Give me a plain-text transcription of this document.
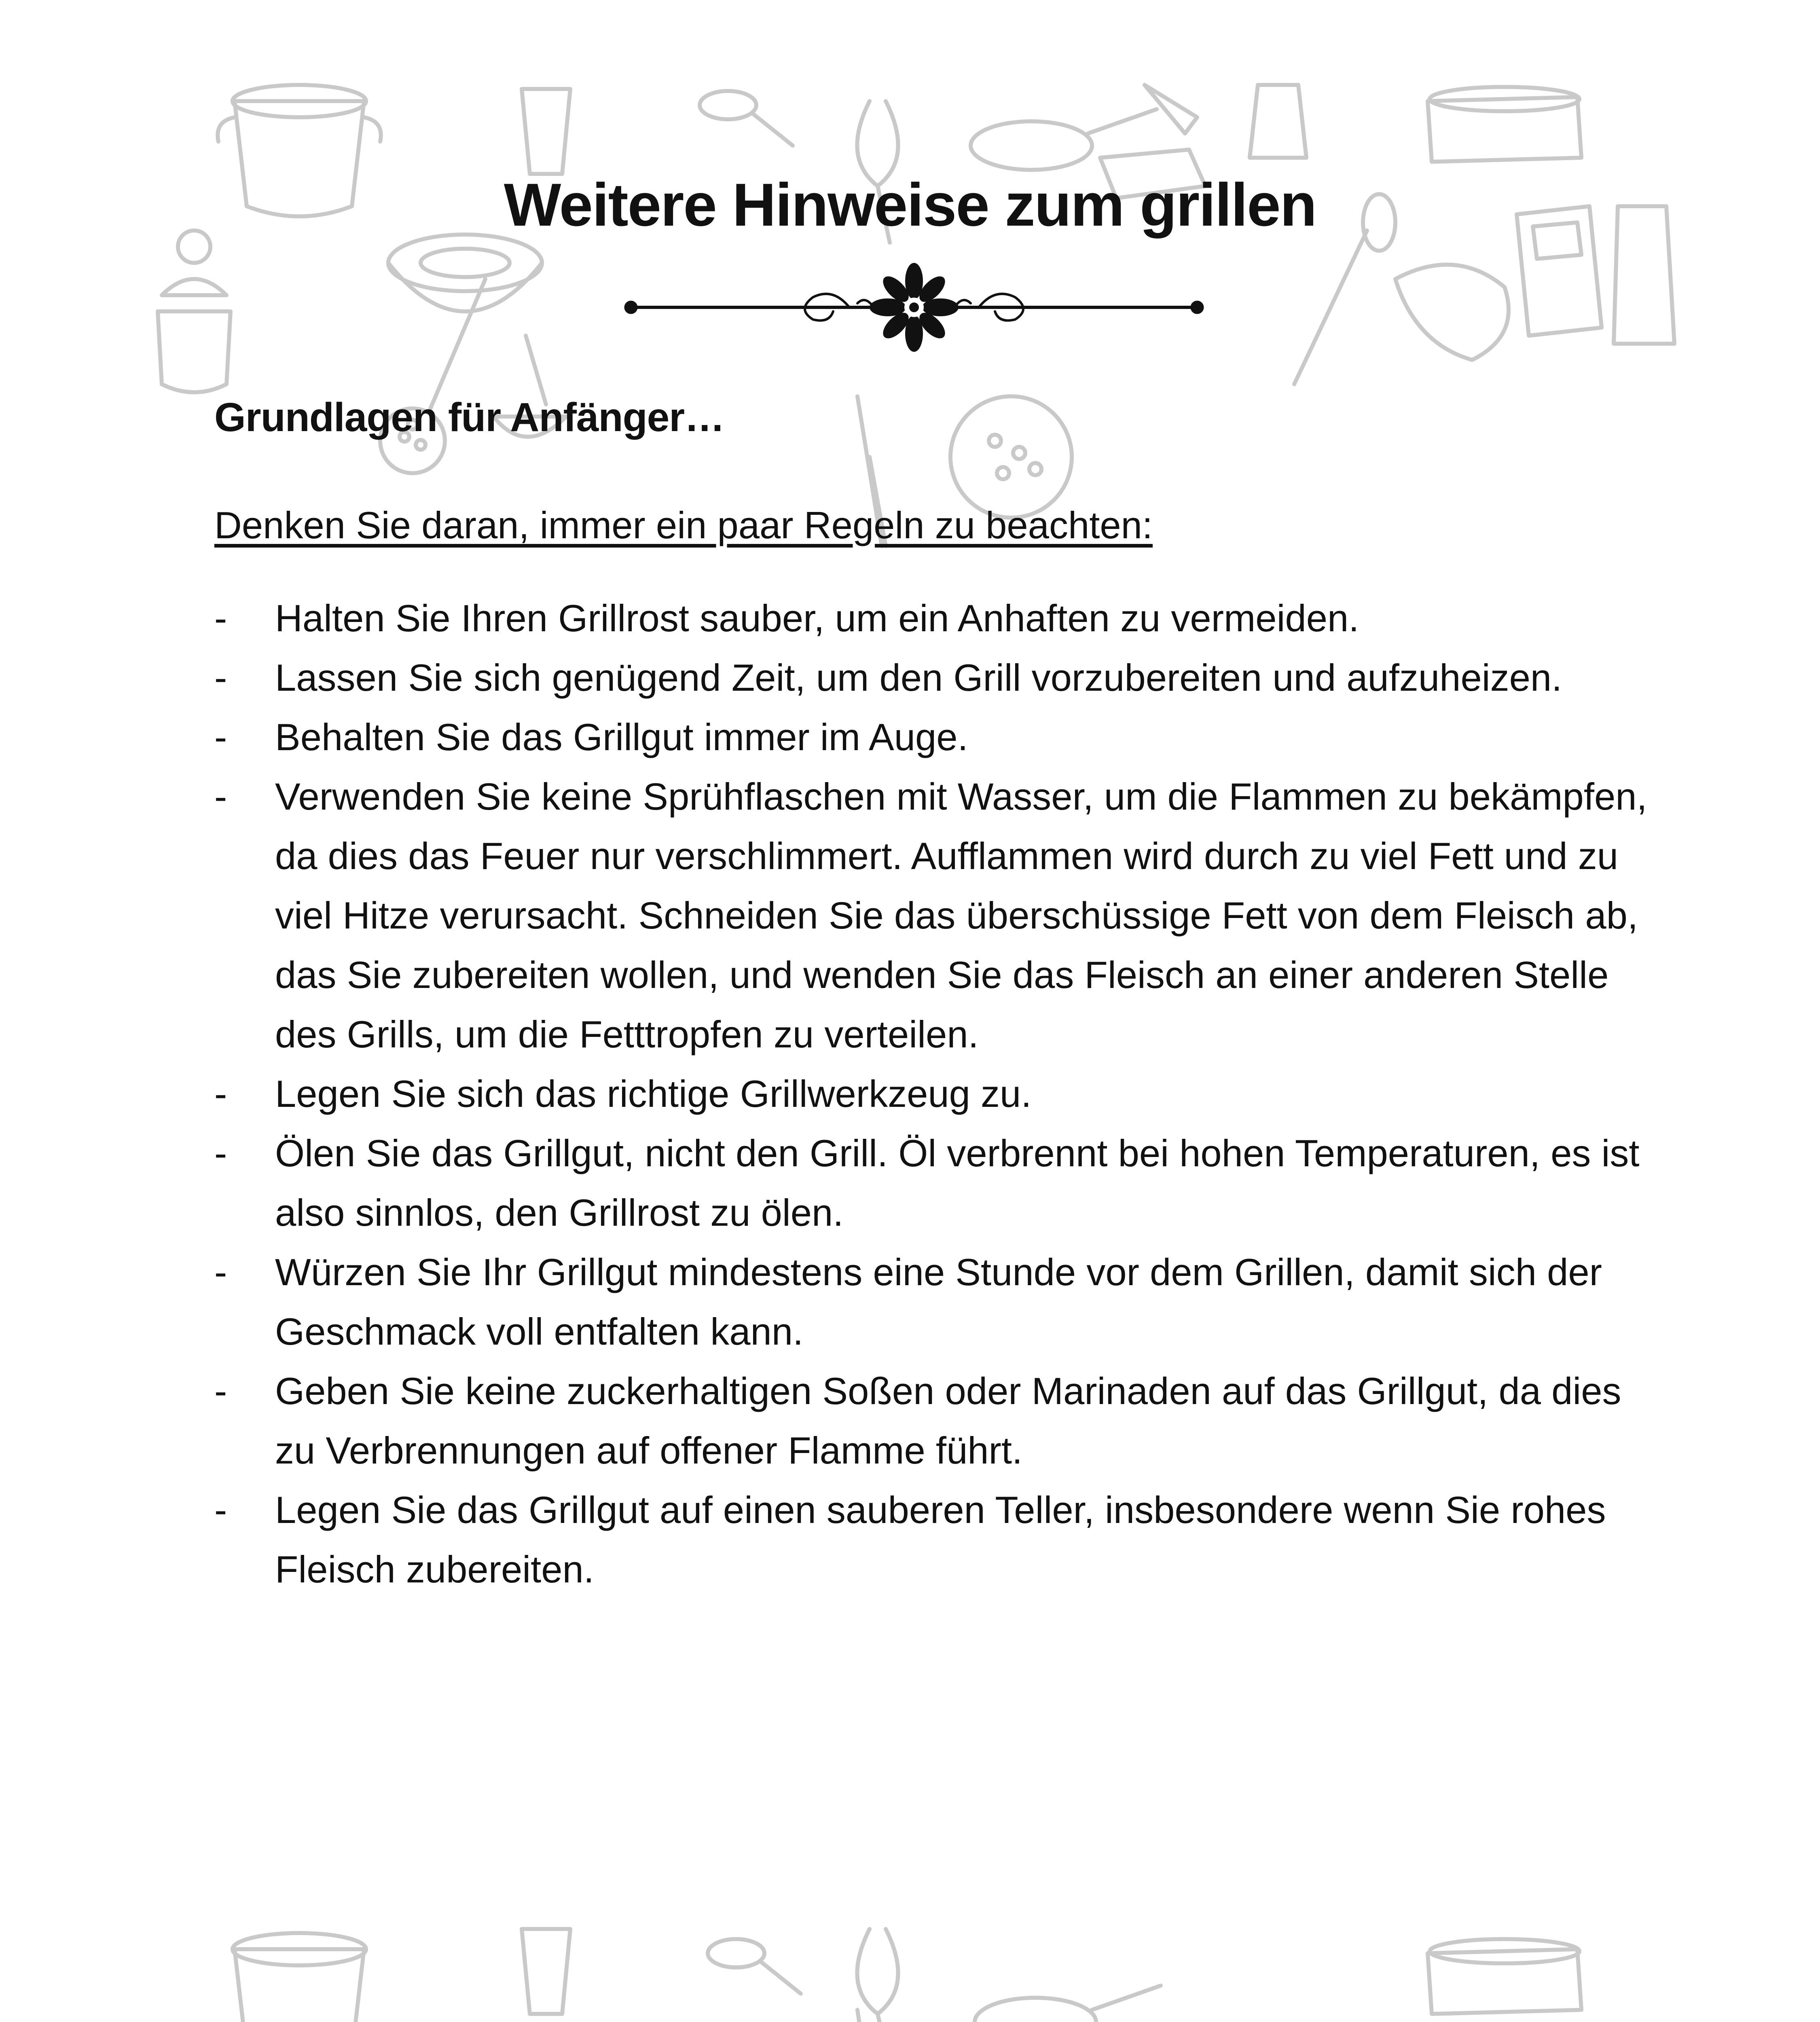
Weitere Hinweise zum grillen
Grundlagen für Anfänger…
Denken Sie daran, immer ein paar Regeln zu beachten:
- Halten Sie Ihren Grillrost sauber, um ein Anhaften zu vermeiden.
- Lassen Sie sich genügend Zeit, um den Grill vorzubereiten und aufzuheizen.
- Behalten Sie das Grillgut immer im Auge.
- Verwenden Sie keine Sprühflaschen mit Wasser, um die Flammen zu bekämpfen, da dies das Feuer nur verschlimmert. Aufflammen wird durch zu viel Fett und zu viel Hitze verursacht. Schneiden Sie das überschüssige Fett von dem Fleisch ab, das Sie zubereiten wollen, und wenden Sie das Fleisch an einer anderen Stelle des Grills, um die Fetttropfen zu verteilen.
- Legen Sie sich das richtige Grillwerkzeug zu.
- Ölen Sie das Grillgut, nicht den Grill. Öl verbrennt bei hohen Temperaturen, es ist also sinnlos, den Grillrost zu ölen.
- Würzen Sie Ihr Grillgut mindestens eine Stunde vor dem Grillen, damit sich der Geschmack voll entfalten kann.
- Geben Sie keine zuckerhaltigen Soßen oder Marinaden auf das Grillgut, da dies zu Verbrennungen auf offener Flamme führt.
- Legen Sie das Grillgut auf einen sauberen Teller, insbesondere wenn Sie rohes Fleisch zubereiten.
